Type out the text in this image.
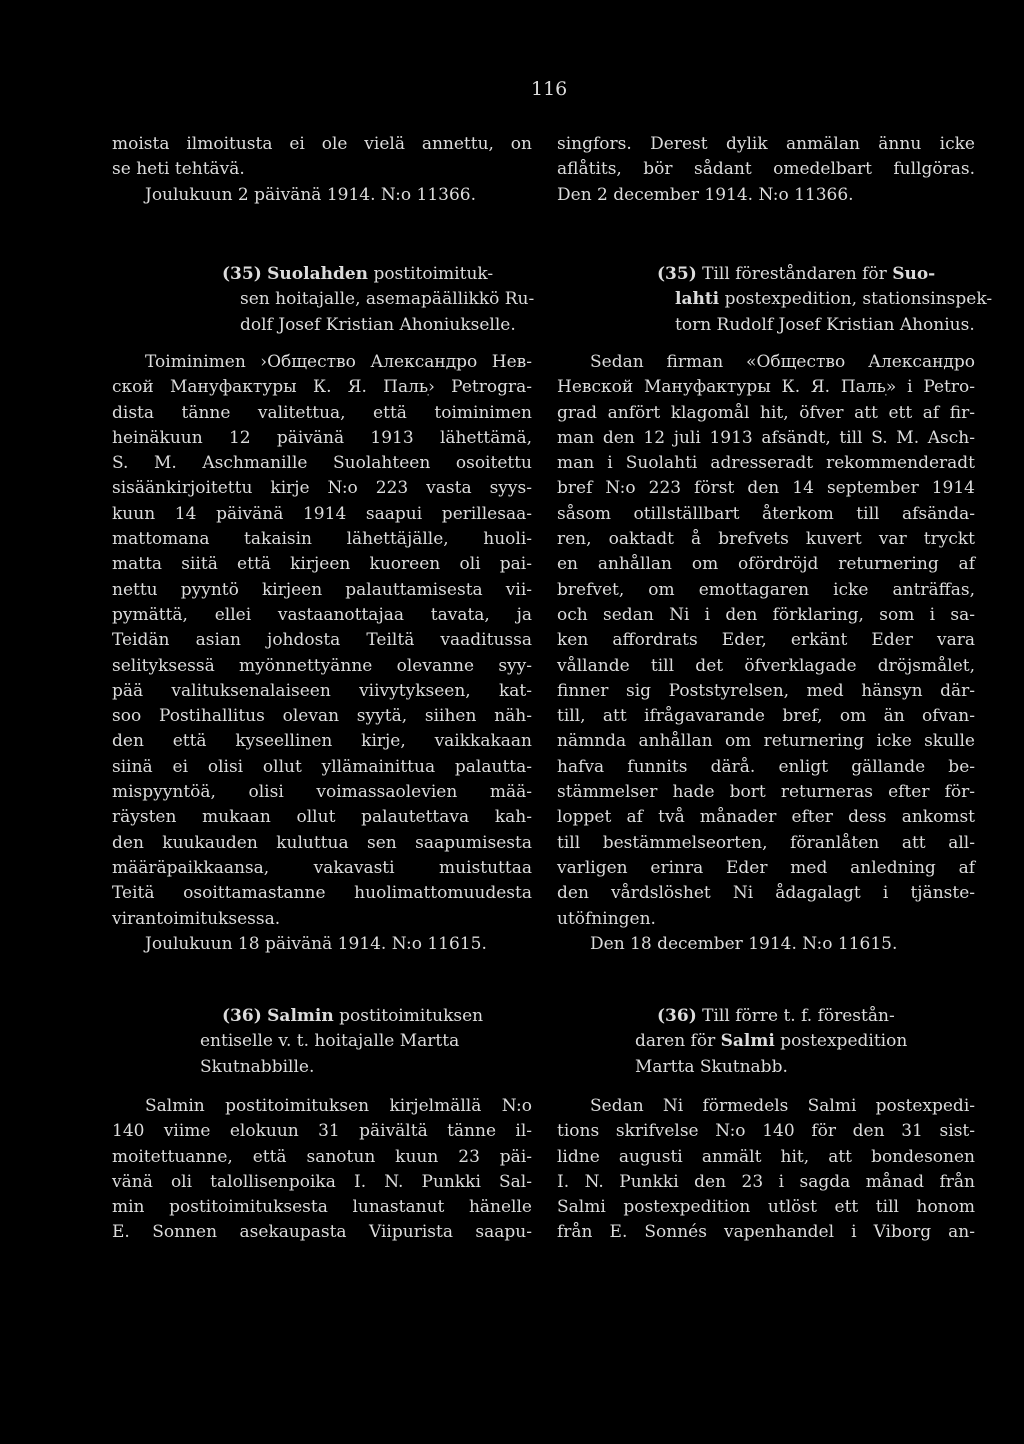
116
moista ilmoitusta ei ole vielä annettu, on
se heti tehtävä.
Joulukuun 2 päivänä 1914. N:o 11366.
(35) Suolahden postitoimituk-
sen hoitajalle, asemapäällikkö Ru-
dolf Josef Kristian Ahoniukselle.
Toiminimen ›Общество Александро Нев-
ской Мануфактуры К. Я. Пальׅ› Petrogra-
dista tänne valitettua, että toiminimen
heinäkuun 12 päivänä 1913 lähettämä,
S. M. Aschmanille Suolahteen osoitettu
sisäänkirjoitettu kirje N:o 223 vasta syys-
kuun 14 päivänä 1914 saapui perillesaa-
mattomana takaisin lähettäjälle, huoli-
matta siitä että kirjeen kuoreen oli pai-
nettu pyyntö kirjeen palauttamisesta vii-
pymättä, ellei vastaanottajaa tavata, ja
Teidän asian johdosta Teiltä vaaditussa
selityksessä myönnettyänne olevanne syy-
pää valituksenalaiseen viivytykseen, kat-
soo Postihallitus olevan syytä, siihen näh-
den että kyseellinen kirje, vaikkakaan
siinä ei olisi ollut yllämainittua palautta-
mispyyntöä, olisi voimassaolevien mää-
räysten mukaan ollut palautettava kah-
den kuukauden kuluttua sen saapumisesta
määräpaikkaansa, vakavasti muistuttaa
Teitä osoittamastanne huolimattomuudesta
virantoimituksessa.
Joulukuun 18 päivänä 1914. N:o 11615.
(36) Salmin postitoimituksen
entiselle v. t. hoitajalle Martta
Skutnabbille.
Salmin postitoimituksen kirjelmällä N:o
140 viime elokuun 31 päivältä tänne il-
moitettuanne, että sanotun kuun 23 päi-
vänä oli talollisenpoika I. N. Punkki Sal-
min postitoimituksesta lunastanut hänelle
E. Sonnen asekaupasta Viipurista saapu-
singfors. Derest dylik anmälan ännu icke
aflåtits, bör sådant omedelbart fullgöras.
Den 2 december 1914. N:o 11366.
(35) Till föreståndaren för Suo-
lahti postexpedition, stationsinspek-
torn Rudolf Josef Kristian Ahonius.
Sedan firman «Общество Александро
Невской Мануфактуры К. Я. Пальׅ» i Petro-
grad anfört klagomål hit, öfver att ett af fir-
man den 12 juli 1913 afsändt, till S. M. Asch-
man i Suolahti adresseradt rekommenderadt
bref N:o 223 först den 14 september 1914
såsom otillställbart återkom till afsända-
ren, oaktadt å brefvets kuvert var tryckt
en anhållan om ofördröjd returnering af
brefvet, om emottagaren icke anträffas,
och sedan Ni i den förklaring, som i sa-
ken affordrats Eder, erkänt Eder vara
vållande till det öfverklagade dröjsmålet,
finner sig Poststyrelsen, med hänsyn där-
till, att ifrågavarande bref, om än ofvan-
nämnda anhållan om returnering icke skulle
hafva funnits därå. enligt gällande be-
stämmelser hade bort returneras efter för-
loppet af två månader efter dess ankomst
till bestämmelseorten, föranlåten att all-
varligen erinra Eder med anledning af
den vårdslöshet Ni ådagalagt i tjänste-
utöfningen.
Den 18 december 1914. N:o 11615.
(36) Till förre t. f. förestån-
daren för Salmi postexpedition
Martta Skutnabb.
Sedan Ni förmedels Salmi postexpedi-
tions skrifvelse N:o 140 för den 31 sist-
lidne augusti anmält hit, att bondesonen
I. N. Punkki den 23 i sagda månad från
Salmi postexpedition utlöst ett till honom
från E. Sonnés vapenhandel i Viborg an-
